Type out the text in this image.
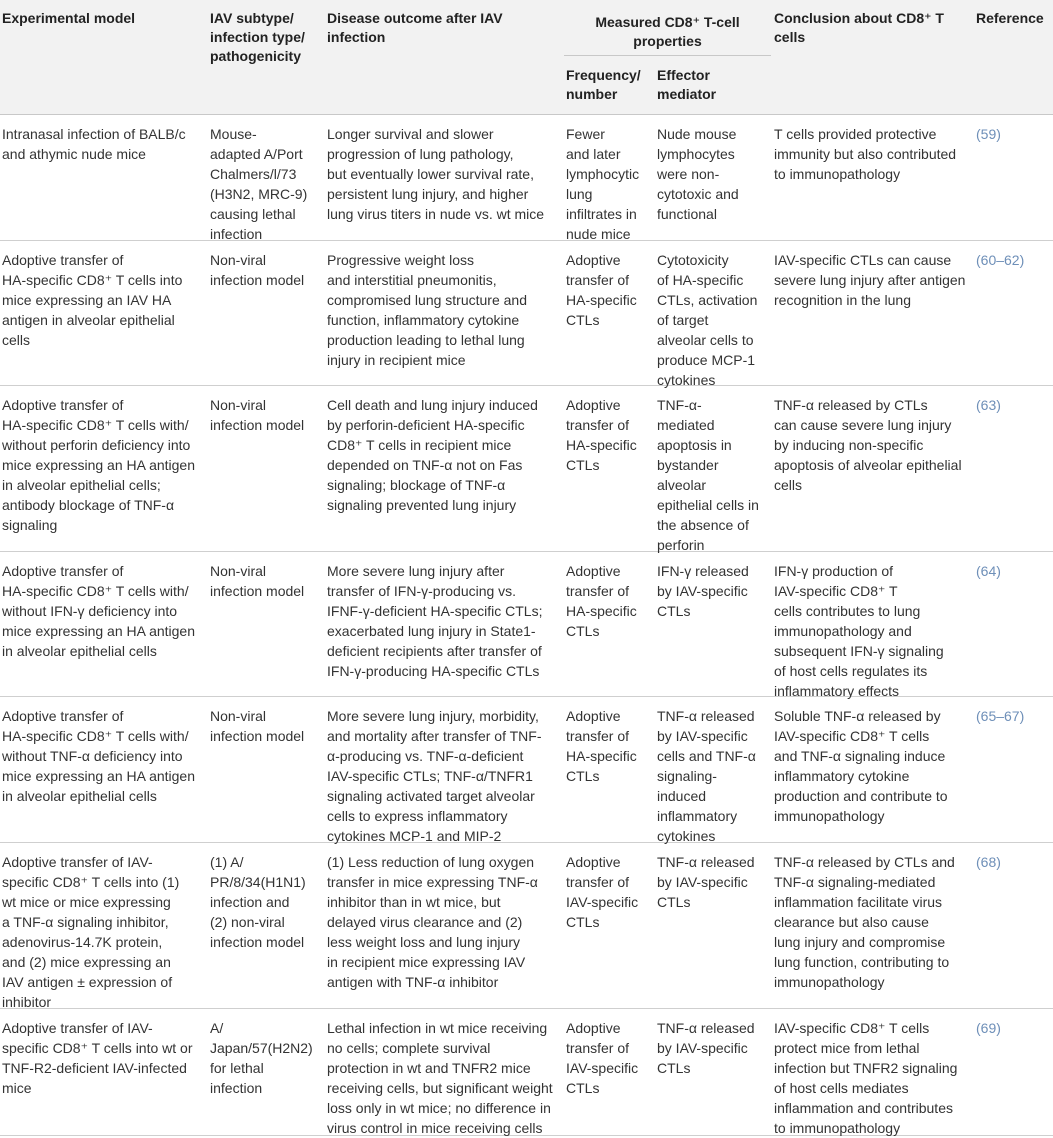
Experimental model	IAV subtype/
infection type/
pathogenicity
Disease outcome after IAV
infection
Measured CD8⁺ T-cell
properties
Frequency/
number
Effector
mediator
Conclusion about CD8⁺ T
cells
Reference
Intranasal infection of BALB/c
and athymic nude mice
Mouse-
adapted A/Port
Chalmers/l/73
(H3N2, MRC-9)
causing lethal
infection
Longer survival and slower
progression of lung pathology,
but eventually lower survival rate,
persistent lung injury, and higher
lung virus titers in nude vs. wt mice
Fewer
and later
lymphocytic
lung
infiltrates in
nude mice
Nude mouse
lymphocytes
were non-
cytotoxic and
functional
T cells provided protective
immunity but also contributed
to immunopathology
(59)
Adoptive transfer of
HA-specific CD8⁺ T cells into
mice expressing an IAV HA
antigen in alveolar epithelial
cells
Non-viral
infection model
Progressive weight loss
and interstitial pneumonitis,
compromised lung structure and
function, inflammatory cytokine
production leading to lethal lung
injury in recipient mice
Adoptive
transfer of
HA-specific
CTLs
Cytotoxicity
of HA-specific
CTLs, activation
of target
alveolar cells to
produce MCP-1
cytokines
IAV-specific CTLs can cause
severe lung injury after antigen
recognition in the lung
(60–62)
Adoptive transfer of
HA-specific CD8⁺ T cells with/
without perforin deficiency into
mice expressing an HA antigen
in alveolar epithelial cells;
antibody blockage of TNF-α
signaling
Non-viral
infection model
Cell death and lung injury induced
by perforin-deficient HA-specific
CD8⁺ T cells in recipient mice
depended on TNF-α not on Fas
signaling; blockage of TNF-α
signaling prevented lung injury
Adoptive
transfer of
HA-specific
CTLs
TNF-α-
mediated
apoptosis in
bystander
alveolar
epithelial cells in
the absence of
perforin
TNF-α released by CTLs
can cause severe lung injury
by inducing non-specific
apoptosis of alveolar epithelial
cells
(63)
Adoptive transfer of
HA-specific CD8⁺ T cells with/
without IFN-γ deficiency into
mice expressing an HA antigen
in alveolar epithelial cells
Non-viral
infection model
More severe lung injury after
transfer of IFN-γ-producing vs.
IFNF-γ-deficient HA-specific CTLs;
exacerbated lung injury in State1-
deficient recipients after transfer of
IFN-γ-producing HA-specific CTLs
Adoptive
transfer of
HA-specific
CTLs
IFN-γ released
by IAV-specific
CTLs
IFN-γ production of
IAV-specific CD8⁺ T
cells contributes to lung
immunopathology and
subsequent IFN-γ signaling
of host cells regulates its
inflammatory effects
(64)
Adoptive transfer of
HA-specific CD8⁺ T cells with/
without TNF-α deficiency into
mice expressing an HA antigen
in alveolar epithelial cells
Non-viral
infection model
More severe lung injury, morbidity,
and mortality after transfer of TNF-
α-producing vs. TNF-α-deficient
IAV-specific CTLs; TNF-α/TNFR1
signaling activated target alveolar
cells to express inflammatory
cytokines MCP-1 and MIP-2
Adoptive
transfer of
HA-specific
CTLs
TNF-α released
by IAV-specific
cells and TNF-α
signaling-
induced
inflammatory
cytokines
Soluble TNF-α released by
IAV-specific CD8⁺ T cells
and TNF-α signaling induce
inflammatory cytokine
production and contribute to
immunopathology
(65–67)
Adoptive transfer of IAV-
specific CD8⁺ T cells into (1)
wt mice or mice expressing
a TNF-α signaling inhibitor,
adenovirus-14.7K protein,
and (2) mice expressing an
IAV antigen ± expression of
inhibitor
(1) A/
PR/8/34(H1N1)
infection and
(2) non-viral
infection model
(1) Less reduction of lung oxygen
transfer in mice expressing TNF-α
inhibitor than in wt mice, but
delayed virus clearance and (2)
less weight loss and lung injury
in recipient mice expressing IAV
antigen with TNF-α inhibitor
Adoptive
transfer of
IAV-specific
CTLs
TNF-α released
by IAV-specific
CTLs
TNF-α released by CTLs and
TNF-α signaling-mediated
inflammation facilitate virus
clearance but also cause
lung injury and compromise
lung function, contributing to
immunopathology
(68)
Adoptive transfer of IAV-
specific CD8⁺ T cells into wt or
TNF-R2-deficient IAV-infected
mice
A/
Japan/57(H2N2)
for lethal
infection
Lethal infection in wt mice receiving
no cells; complete survival
protection in wt and TNFR2 mice
receiving cells, but significant weight
loss only in wt mice; no difference in
virus control in mice receiving cells
Adoptive
transfer of
IAV-specific
CTLs
TNF-α released
by IAV-specific
CTLs
IAV-specific CD8⁺ T cells
protect mice from lethal
infection but TNFR2 signaling
of host cells mediates
inflammation and contributes
to immunopathology
(69)
